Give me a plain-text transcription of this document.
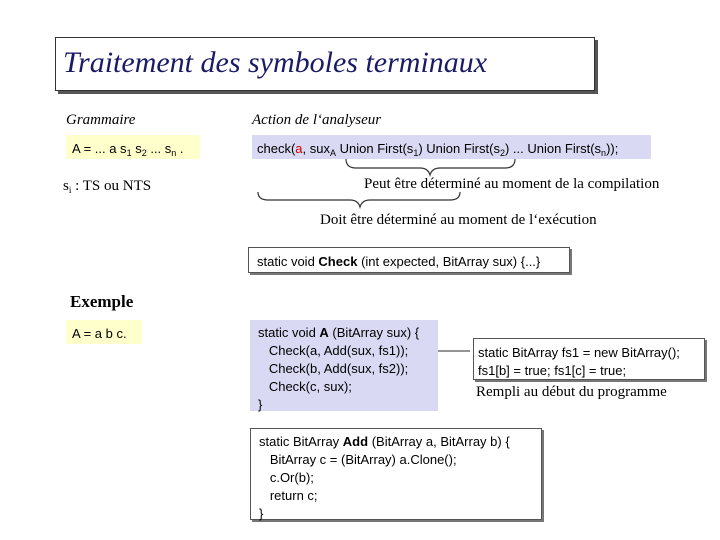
Traitement des symboles terminaux
Grammaire	Action de l‘analyseur
A = ... a $s_1$ $s_2$ ... $s_n$ .	check(a, sux$_A$ Union $First(s_1)$ Union $First(s_2)$ ... Union $First(s_n)$);
$s_i$ : TS ou NTS	Peut être déterminé au moment de la compilation
Doit être déterminé au moment de l‘exécution
static void Check (int expected, BitArray sux) {...}
Exemple
A = a b c.	static void A (BitArray sux) {
Check(a, Add(sux, fs1));
Check(b, Add(sux, fs2));
Check(c, sux);
}
static BitArray fs1 = new BitArray();
fs1[b] = true; fs1[c] = true;
Rempli au début du programme
static BitArray Add (BitArray a, BitArray b) {
BitArray c = (BitArray) a.Clone();
c.Or(b);
return c;
}
